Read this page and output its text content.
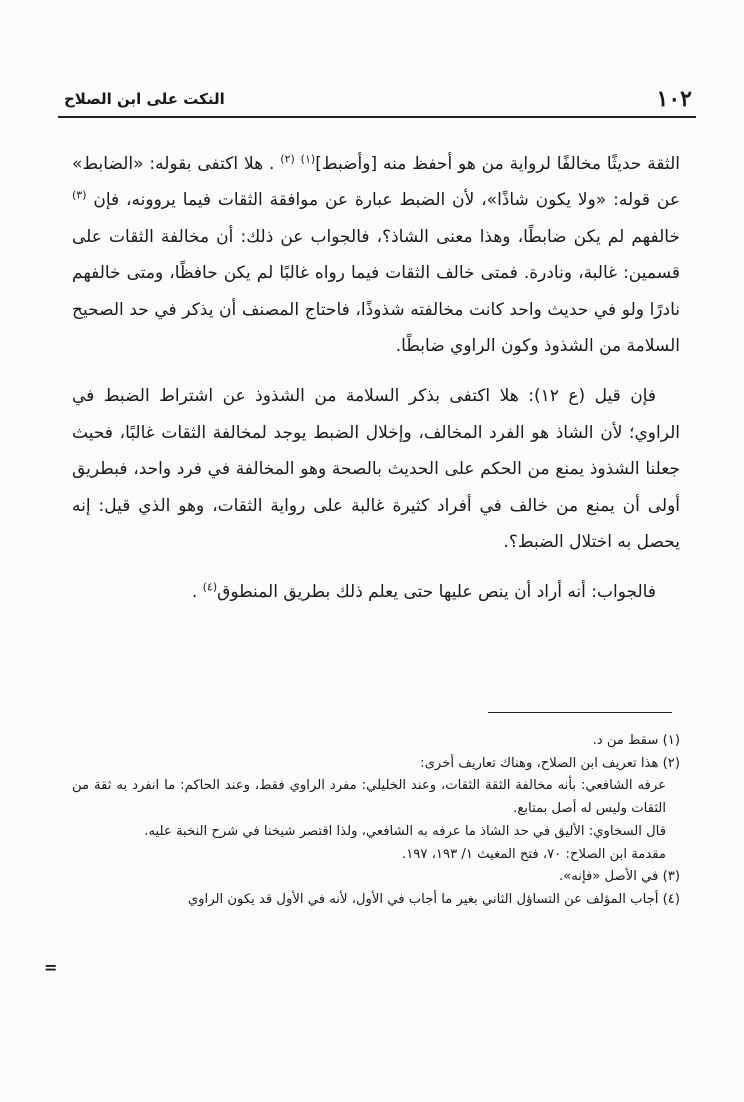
١٠٢
النكت على ابن الصلاح

الثقة حديثًا مخالفًا لرواية من هو أحفظ منه [وأضبط]$^{(١)}$ $^{(٢)}$ . هلا اكتفى بقوله: «الضابط» عن قوله: «ولا يكون شاذًا»، لأن الضبط عبارة عن موافقة الثقات فيما يروونه، فإن $^{(٣)}$ خالفهم لم يكن ضابطًا، وهذا معنى الشاذ؟، فالجواب عن ذلك: أن مخالفة الثقات على قسمين: غالبة، ونادرة. فمتى خالف الثقات فيما رواه غالبًا لم يكن حافظًا، ومتى خالفهم نادرًا ولو في حديث واحد كانت مخالفته شذوذًا، فاحتاج المصنف أن يذكر في حد الصحيح السلامة من الشذوذ وكون الراوي ضابطًا.

فإن قيل (ع ١٢): هلا اكتفى بذكر السلامة من الشذوذ عن اشتراط الضبط في الراوي؛ لأن الشاذ هو الفرد المخالف، وإخلال الضبط يوجد لمخالفة الثقات غالبًا، فحيث جعلنا الشذوذ يمنع من الحكم على الحديث بالصحة وهو المخالفة في فرد واحد، فبطريق أولى أن يمنع من خالف في أفراد كثيرة غالبة على رواية الثقات، وهو الذي قيل: إنه يحصل به اختلال الضبط؟.

فالجواب: أنه أراد أن ينص عليها حتى يعلم ذلك بطريق المنطوق$^{(٤)}$ .

(١) سقط من د.

(٢) هذا تعريف ابن الصلاح، وهناك تعاريف أخرى:

عرفه الشافعي: بأنه مخالفة الثقة الثقات، وعند الخليلي: مفرد الراوي فقط، وعند الحاكم: ما انفرد به ثقة من الثقات وليس له أصل بمتابع.

قال السخاوي: الأليق في حد الشاذ ما عرفه به الشافعي، ولذا اقتصر شيخنا في شرح النخبة عليه.

مقدمة ابن الصلاح: ٧٠، فتح المغيث ١/ ١٩٣، ١٩٧.

(٣) في الأصل «فإنه».

(٤) أجاب المؤلف عن التساؤل الثاني بغير ما أجاب في الأول، لأنه في الأول قد يكون الراوي

=
